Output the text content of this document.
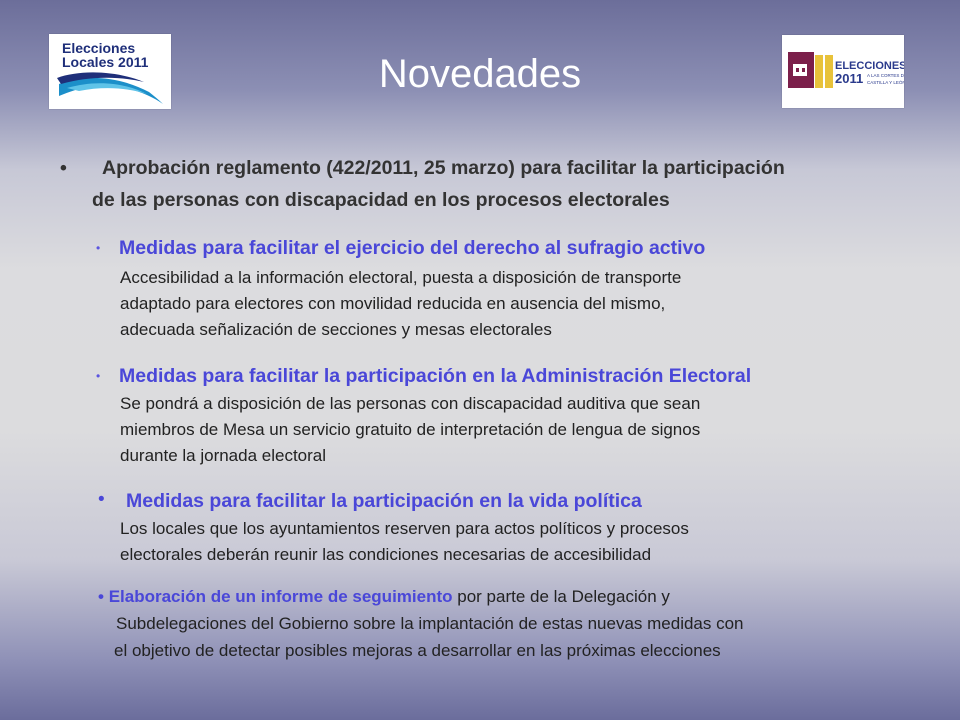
Elecciones
Locales 2011	ELECCIONES
2011 A LAS CORTES DE
CASTILLA Y LEÓN
Novedades
• Aprobación reglamento (422/2011, 25 marzo) para facilitar la participación
de las personas con discapacidad en los procesos electorales
• Medidas para facilitar el ejercicio del derecho al sufragio activo
Accesibilidad a la información electoral, puesta a disposición de transporte
adaptado para electores con movilidad reducida en ausencia del mismo,
adecuada señalización de secciones y mesas electorales
• Medidas para facilitar la participación en la Administración Electoral
Se pondrá a disposición de las personas con discapacidad auditiva que sean
miembros de Mesa un servicio gratuito de interpretación de lengua de signos
durante la jornada electoral
• Medidas para facilitar la participación en la vida política
Los locales que los ayuntamientos reserven para actos políticos y procesos
electorales deberán reunir las condiciones necesarias de accesibilidad
• Elaboración de un informe de seguimiento por parte de la Delegación y
Subdelegaciones del Gobierno sobre la implantación de estas nuevas medidas con
el objetivo de detectar posibles mejoras a desarrollar en las próximas elecciones
